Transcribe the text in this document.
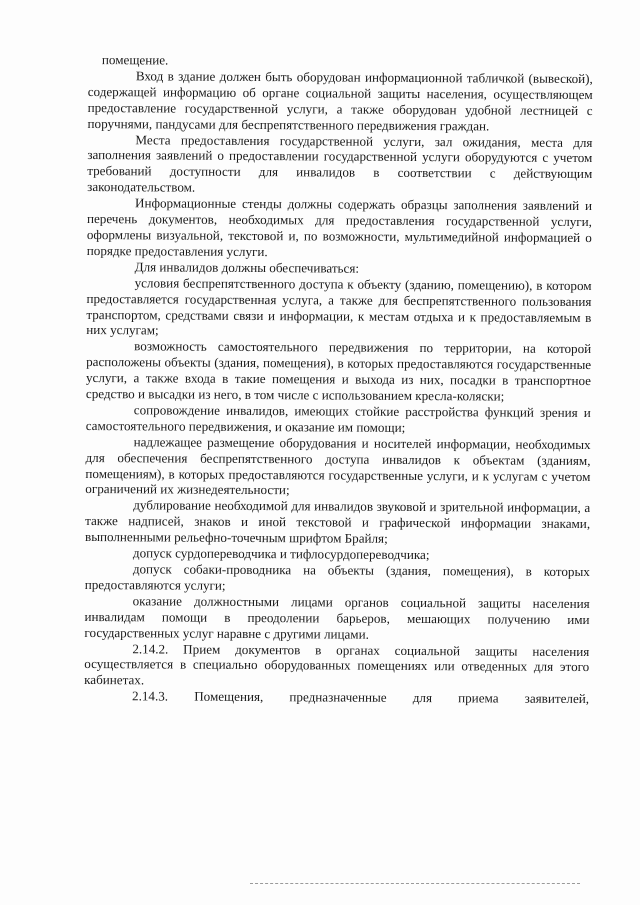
помещение.

Вход в здание должен быть оборудован информационной табличкой (вывеской), содержащей информацию об органе социальной защиты населения, осуществляющем предоставление государственной услуги, а также оборудован удобной лестницей с поручнями, пандусами для беспрепятственного передвижения граждан.

Места предоставления государственной услуги, зал ожидания, места для заполнения заявлений о предоставлении государственной услуги оборудуются с учетом требований доступности для инвалидов в соответствии с действующим законодательством.

Информационные стенды должны содержать образцы заполнения заявлений и перечень документов, необходимых для предоставления государственной услуги, оформлены визуальной, текстовой и, по возможности, мультимедийной информацией о порядке предоставления услуги.

Для инвалидов должны обеспечиваться:

условия беспрепятственного доступа к объекту (зданию, помещению), в котором предоставляется государственная услуга, а также для беспрепятственного пользования транспортом, средствами связи и информации, к местам отдыха и к предоставляемым в них услугам;

возможность самостоятельного передвижения по территории, на которой расположены объекты (здания, помещения), в которых предоставляются государственные услуги, а также входа в такие помещения и выхода из них, посадки в транспортное средство и высадки из него, в том числе с использованием кресла-коляски;

сопровождение инвалидов, имеющих стойкие расстройства функций зрения и самостоятельного передвижения, и оказание им помощи;

надлежащее размещение оборудования и носителей информации, необходимых для обеспечения беспрепятственного доступа инвалидов к объектам (зданиям, помещениям), в которых предоставляются государственные услуги, и к услугам с учетом ограничений их жизнедеятельности;

дублирование необходимой для инвалидов звуковой и зрительной информации, а также надписей, знаков и иной текстовой и графической информации знаками, выполненными рельефно-точечным шрифтом Брайля;

допуск сурдопереводчика и тифлосурдопереводчика;

допуск собаки-проводника на объекты (здания, помещения), в которых предоставляются услуги;

оказание должностными лицами органов социальной защиты населения инвалидам помощи в преодолении барьеров, мешающих получению ими государственных услуг наравне с другими лицами.

2.14.2. Прием документов в органах социальной защиты населения осуществляется в специально оборудованных помещениях или отведенных для этого кабинетах.

2.14.3. Помещения, предназначенные для приема заявителей,
